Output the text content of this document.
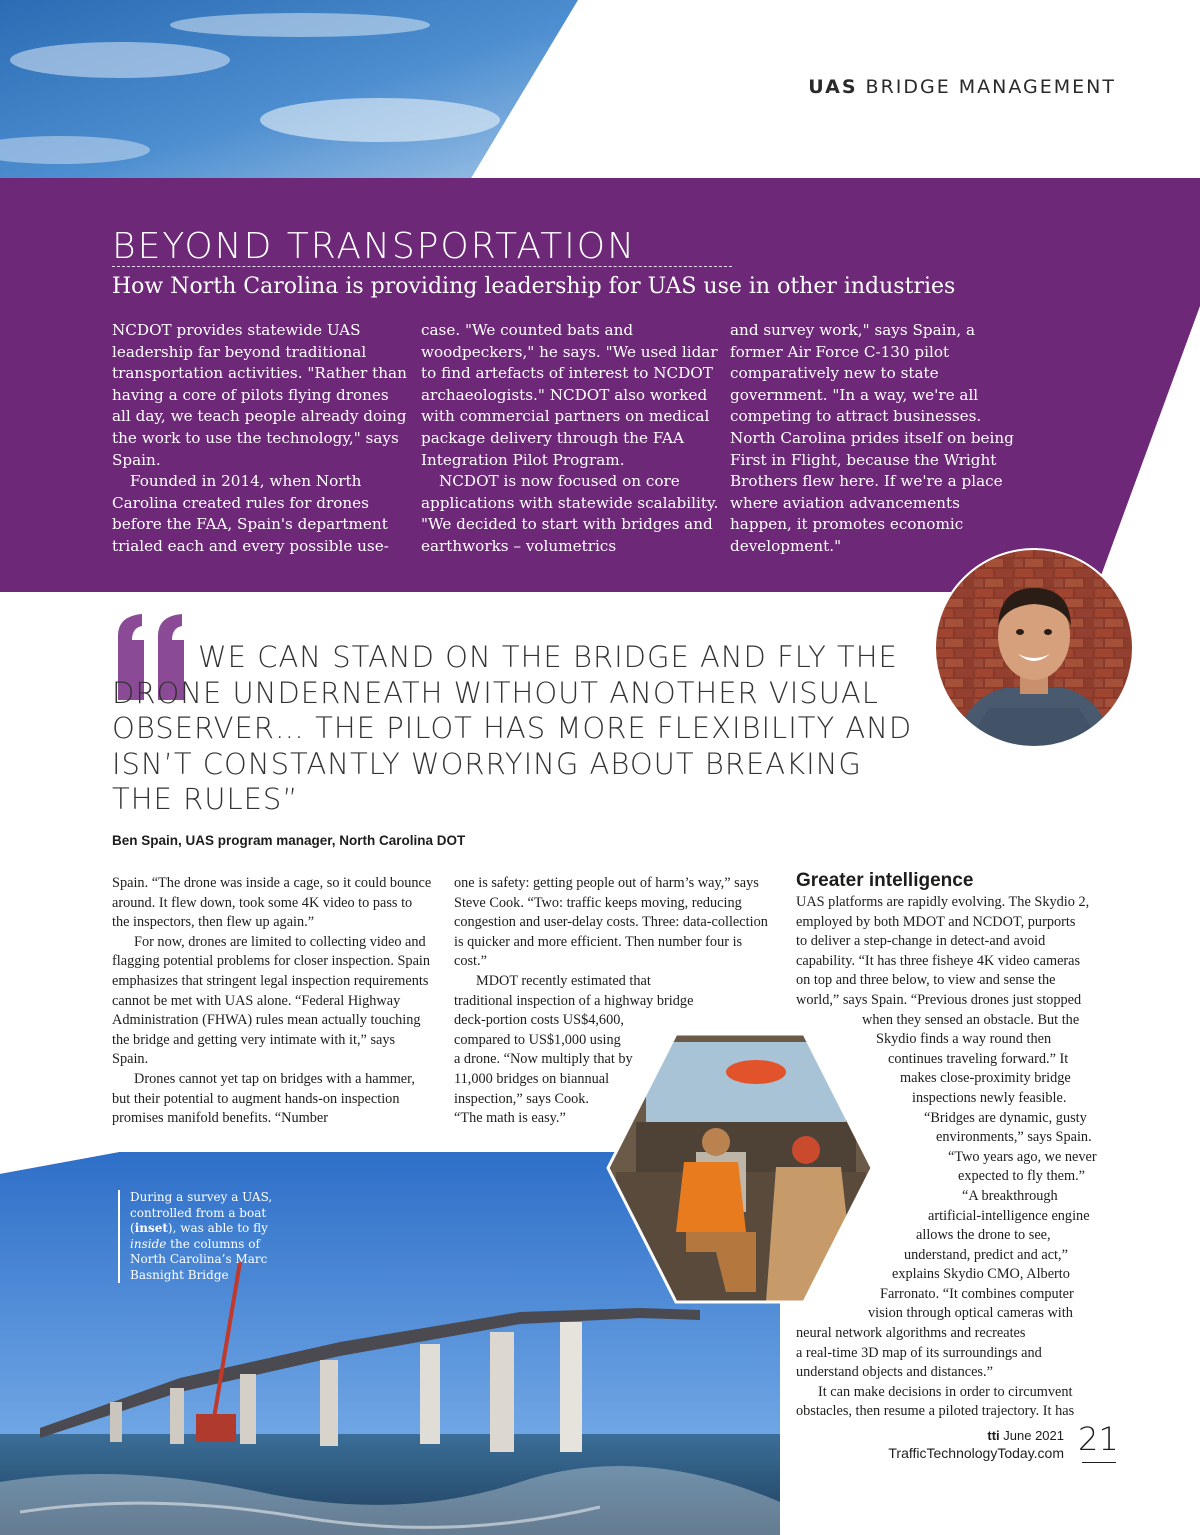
UAS BRIDGE MANAGEMENT
BEYOND TRANSPORTATION
How North Carolina is providing leadership for UAS use in other industries

NCDOT provides statewide UAS leadership far beyond traditional transportation activities. "Rather than having a core of pilots flying drones all day, we teach people already doing the work to use the technology," says Spain.

Founded in 2014, when North Carolina created rules for drones before the FAA, Spain's department trialed each and every possible use-

case. "We counted bats and woodpeckers," he says. "We used lidar to find artefacts of interest to NCDOT archaeologists." NCDOT also worked with commercial partners on medical package delivery through the FAA Integration Pilot Program.

NCDOT is now focused on core applications with statewide scalability. "We decided to start with bridges and earthworks – volumetrics

and survey work," says Spain, a former Air Force C-130 pilot comparatively new to state government. "In a way, we're all competing to attract businesses. North Carolina prides itself on being First in Flight, because the Wright Brothers flew here. If we're a place where aviation advancements happen, it promotes economic development."

WE CAN STAND ON THE BRIDGE AND FLY THE DRONE UNDERNEATH WITHOUT ANOTHER VISUAL OBSERVER… THE PILOT HAS MORE FLEXIBILITY AND ISN’T CONSTANTLY WORRYING ABOUT BREAKING THE RULES”
Ben Spain, UAS program manager, North Carolina DOT

Spain. “The drone was inside a cage, so it could bounce around. It flew down, took some 4K video to pass to the inspectors, then flew up again.”

For now, drones are limited to collecting video and flagging potential problems for closer inspection. Spain emphasizes that stringent legal inspection requirements cannot be met with UAS alone. “Federal Highway Administration (FHWA) rules mean actually touching the bridge and getting very intimate with it,” says Spain.

Drones cannot yet tap on bridges with a hammer, but their potential to augment hands-on inspection promises manifold benefits. “Number

one is safety: getting people out of harm’s way,” says Steve Cook. “Two: traffic keeps moving, reducing congestion and user-delay costs. Three: data-collection is quicker and more efficient. Then number four is cost.”

MDOT recently estimated that
traditional inspection of a highway bridge
deck-portion costs US$4,600,
compared to US$1,000 using
a drone. “Now multiply that by
11,000 bridges on biannual
inspection,” says Cook.
“The math is easy.”
Greater intelligence
UAS platforms are rapidly evolving. The Skydio 2,
employed by both MDOT and NCDOT, purports
to deliver a step-change in detect-and avoid
capability. “It has three fisheye 4K video cameras
on top and three below, to view and sense the
world,” says Spain. “Previous drones just stopped
when they sensed an obstacle. But the
Skydio finds a way round then
continues traveling forward.” It
makes close-proximity bridge
inspections newly feasible.
“Bridges are dynamic, gusty
environments,” says Spain.
“Two years ago, we never
expected to fly them.”
“A breakthrough
artificial-intelligence engine
allows the drone to see,
understand, predict and act,”
explains Skydio CMO, Alberto
Farronato. “It combines computer
vision through optical cameras with
neural network algorithms and recreates
a real-time 3D map of its surroundings and
understand objects and distances.”
It can make decisions in order to circumvent
obstacles, then resume a piloted trajectory. It has
During a survey a UAS,
controlled from a boat
(inset), was able to fly
inside the columns of
North Carolina’s Marc
Basnight Bridge
tti June 2021
TrafficTechnologyToday.com 21
